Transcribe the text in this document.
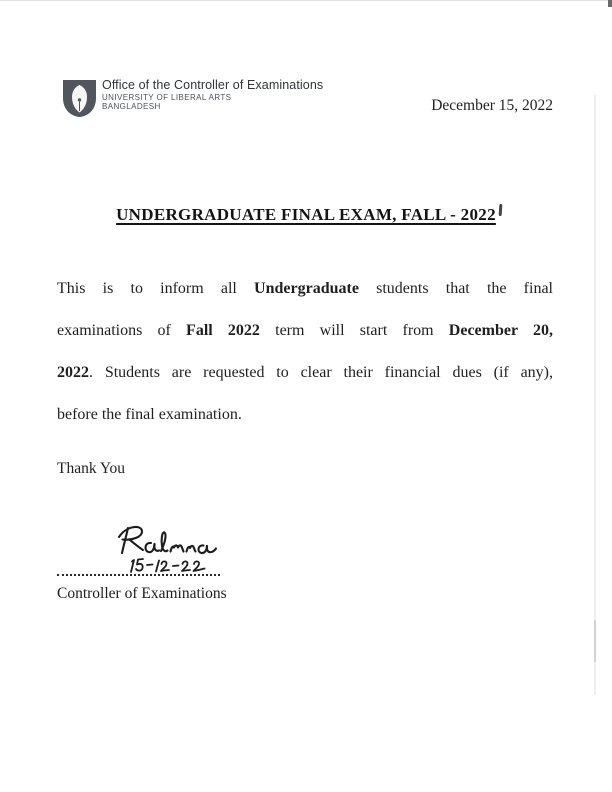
Office of the Controller of Examinations
UNIVERSITY OF LIBERAL ARTS
BANGLADESH	December 15, 2022
UNDERGRADUATE FINAL EXAM, FALL - 2022
This is to inform all Undergraduate students that the final
examinations of Fall 2022 term will start from December 20,
2022. Students are requested to clear their financial dues (if any),
before the final examination.
Thank You
Controller of Examinations
